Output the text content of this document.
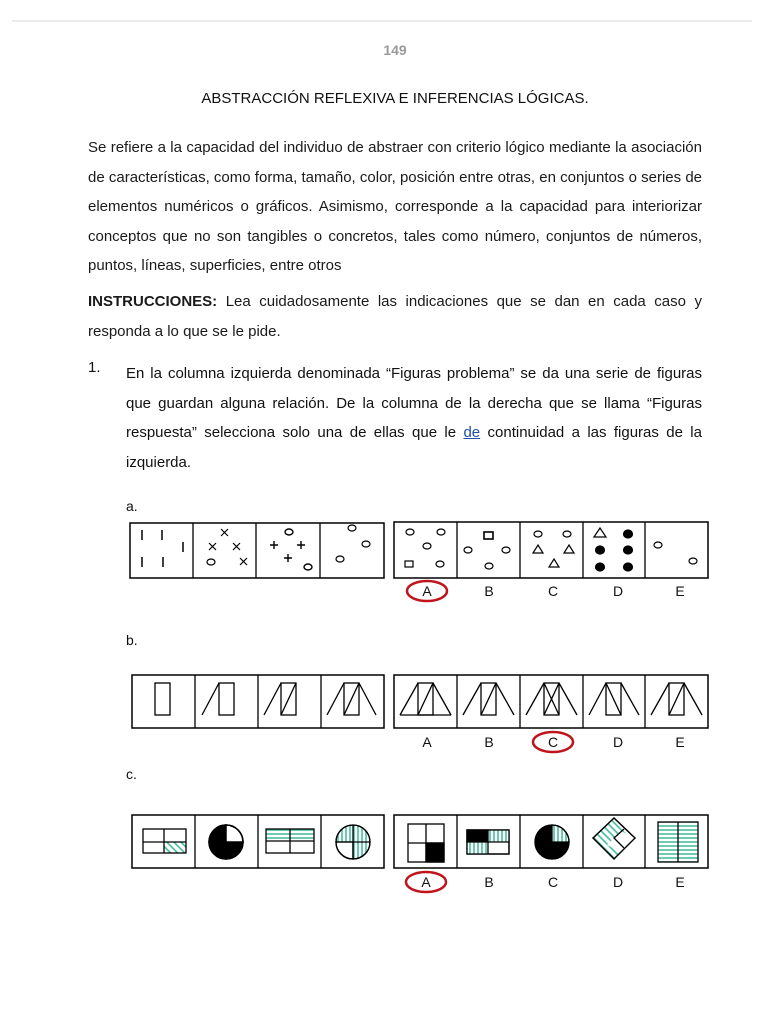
149
ABSTRACCIÓN REFLEXIVA E INFERENCIAS LÓGICAS.
Se refiere a la capacidad del individuo de abstraer con criterio lógico mediante la asociación de características, como forma, tamaño, color, posición entre otras, en conjuntos o series de elementos numéricos o gráficos. Asimismo, corresponde a la capacidad para interiorizar conceptos que no son tangibles o concretos, tales como número, conjuntos de números, puntos, líneas, superficies, entre otros
INSTRUCCIONES: Lea cuidadosamente las indicaciones que se dan en cada caso y responda a lo que se le pide.
1. En la columna izquierda denominada “Figuras problema” se da una serie de figuras que guardan alguna relación. De la columna de la derecha que se llama “Figuras respuesta” selecciona solo una de ellas que le de continuidad a las figuras de la izquierda.
a.
b.
c.
A	B	C	D	E
A	B	C	D	E
A	B	C	D	E
